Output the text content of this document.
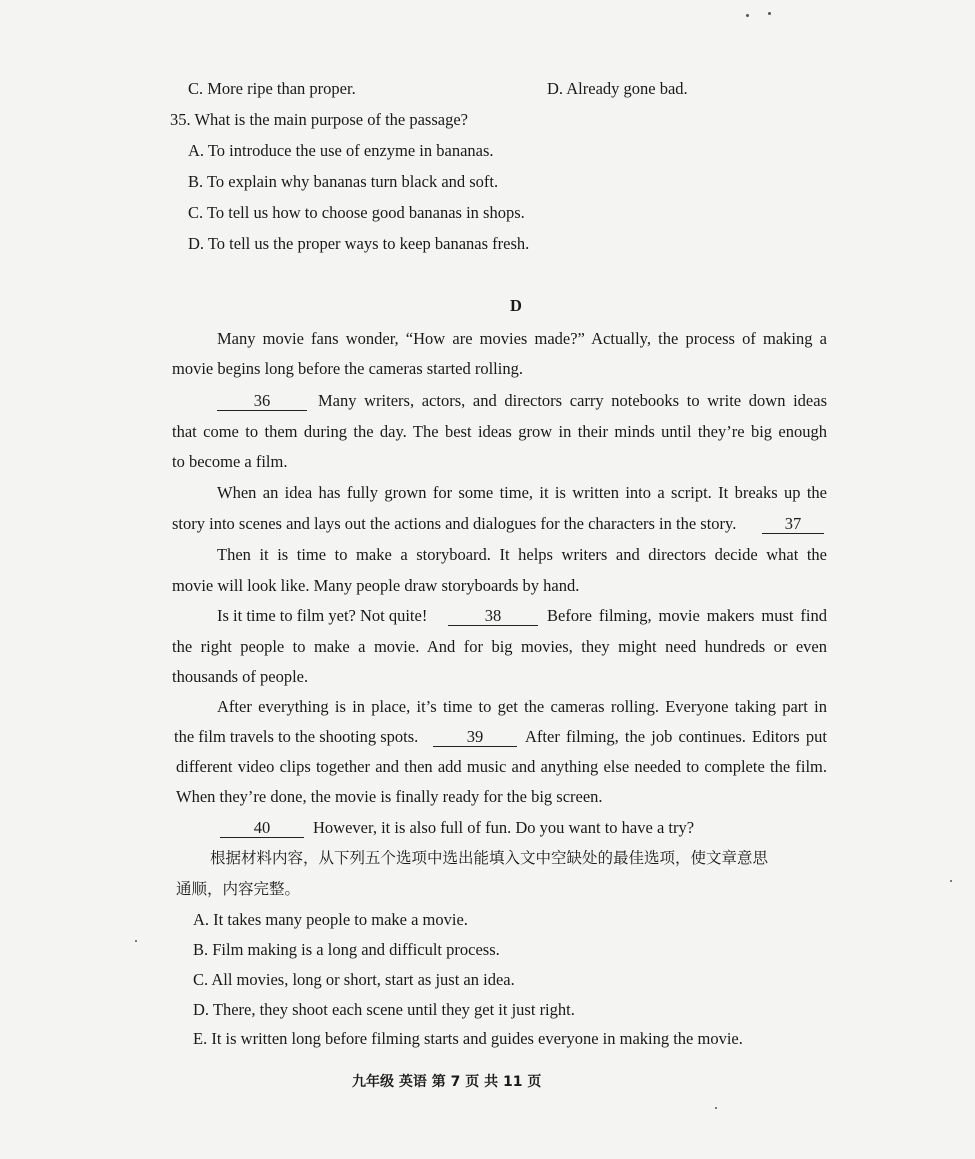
C. More ripe than proper.	D. Already gone bad.
35. What is the main purpose of the passage?
A. To introduce the use of enzyme in bananas.
B. To explain why bananas turn black and soft.
C. To tell us how to choose good bananas in shops.
D. To tell us the proper ways to keep bananas fresh.
D
Many movie fans wonder, “How are movies made?” Actually, the process of making a
movie begins long before the cameras started rolling.
36	Many writers, actors, and directors carry notebooks to write down ideas
that come to them during the day. The best ideas grow in their minds until they’re big enough
to become a film.
When an idea has fully grown for some time, it is written into a script. It breaks up the
story into scenes and lays out the actions and dialogues for the characters in the story.	37
Then it is time to make a storyboard. It helps writers and directors decide what the
movie will look like. Many people draw storyboards by hand.
Is it time to film yet? Not quite!	38	Before filming, movie makers must find
the right people to make a movie. And for big movies, they might need hundreds or even
thousands of people.
After everything is in place, it’s time to get the cameras rolling. Everyone taking part in
the film travels to the shooting spots.	39	After filming, the job continues. Editors put
different video clips together and then add music and anything else needed to complete the film.
When they’re done, the movie is finally ready for the big screen.
40	However, it is also full of fun. Do you want to have a try?
根据材料内容，从下列五个选项中选出能填入文中空缺处的最佳选项，使文章意思
通顺，内容完整。
A. It takes many people to make a movie.
B. Film making is a long and difficult process.
C. All movies, long or short, start as just an idea.
D. There, they shoot each scene until they get it just right.
E. It is written long before filming starts and guides everyone in making the movie.
九年级 英语 第 7 页 共 11 页
